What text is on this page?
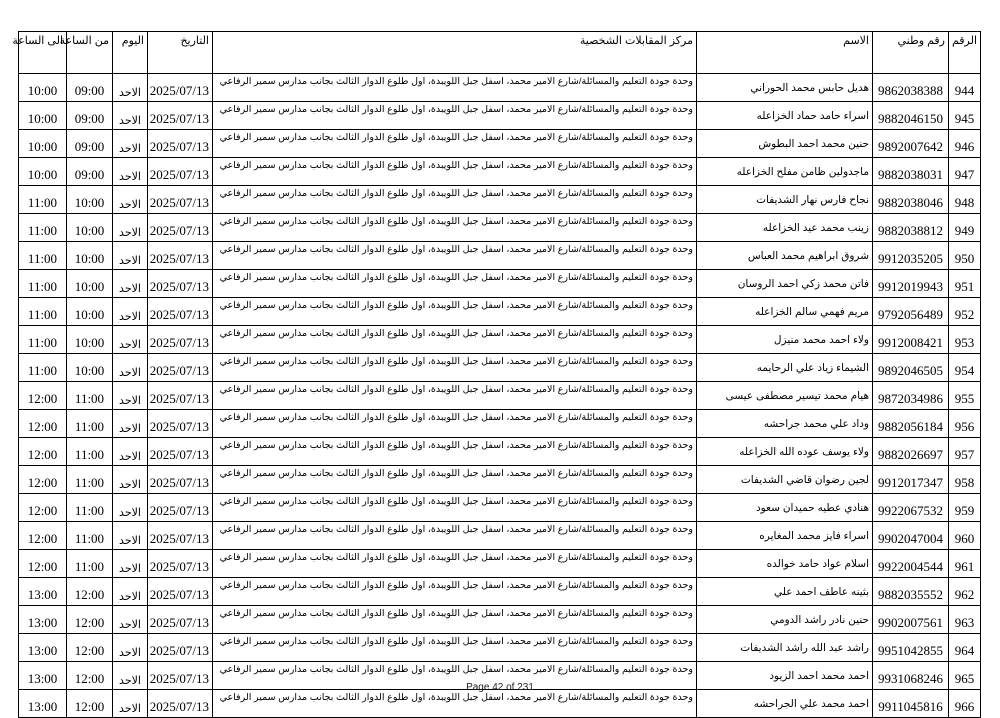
الرقم	رقم وطني	الاسم	مركز المقابلات الشخصية	التاريخ	اليوم	من الساعة	الى الساعة
944	9862038388	هديل حابس محمد الحوراني	وحدة جودة التعليم والمسائلة/شارع الامير محمد، اسفل جبل اللويبدة، اول طلوع الدوار الثالث بجانب مدارس سمير الرفاعي	2025/07/13	الاحد	09:00	10:00
945	9882046150	اسراء حامد حماد الخزاعله	وحدة جودة التعليم والمسائلة/شارع الامير محمد، اسفل جبل اللويبدة، اول طلوع الدوار الثالث بجانب مدارس سمير الرفاعي	2025/07/13	الاحد	09:00	10:00
946	9892007642	حنين محمد احمد البطوش	وحدة جودة التعليم والمسائلة/شارع الامير محمد، اسفل جبل اللويبدة، اول طلوع الدوار الثالث بجانب مدارس سمير الرفاعي	2025/07/13	الاحد	09:00	10:00
947	9882038031	ماجدولين ظامن مفلح الخزاعله	وحدة جودة التعليم والمسائلة/شارع الامير محمد، اسفل جبل اللويبدة، اول طلوع الدوار الثالث بجانب مدارس سمير الرفاعي	2025/07/13	الاحد	09:00	10:00
948	9882038046	نجاح فارس نهار الشديفات	وحدة جودة التعليم والمسائلة/شارع الامير محمد، اسفل جبل اللويبدة، اول طلوع الدوار الثالث بجانب مدارس سمير الرفاعي	2025/07/13	الاحد	10:00	11:00
949	9882038812	زينب محمد عيد الخزاعله	وحدة جودة التعليم والمسائلة/شارع الامير محمد، اسفل جبل اللويبدة، اول طلوع الدوار الثالث بجانب مدارس سمير الرفاعي	2025/07/13	الاحد	10:00	11:00
950	9912035205	شروق ابراهيم محمد العباس	وحدة جودة التعليم والمسائلة/شارع الامير محمد، اسفل جبل اللويبدة، اول طلوع الدوار الثالث بجانب مدارس سمير الرفاعي	2025/07/13	الاحد	10:00	11:00
951	9912019943	فاتن محمد زكي احمد الروسان	وحدة جودة التعليم والمسائلة/شارع الامير محمد، اسفل جبل اللويبدة، اول طلوع الدوار الثالث بجانب مدارس سمير الرفاعي	2025/07/13	الاحد	10:00	11:00
952	9792056489	مريم فهمي سالم الخزاعله	وحدة جودة التعليم والمسائلة/شارع الامير محمد، اسفل جبل اللويبدة، اول طلوع الدوار الثالث بجانب مدارس سمير الرفاعي	2025/07/13	الاحد	10:00	11:00
953	9912008421	ولاء احمد محمد منيزل	وحدة جودة التعليم والمسائلة/شارع الامير محمد، اسفل جبل اللويبدة، اول طلوع الدوار الثالث بجانب مدارس سمير الرفاعي	2025/07/13	الاحد	10:00	11:00
954	9892046505	الشيماء زياد علي الرحايمه	وحدة جودة التعليم والمسائلة/شارع الامير محمد، اسفل جبل اللويبدة، اول طلوع الدوار الثالث بجانب مدارس سمير الرفاعي	2025/07/13	الاحد	10:00	11:00
955	9872034986	هيام محمد تيسير مصطفى عيسى	وحدة جودة التعليم والمسائلة/شارع الامير محمد، اسفل جبل اللويبدة، اول طلوع الدوار الثالث بجانب مدارس سمير الرفاعي	2025/07/13	الاحد	11:00	12:00
956	9882056184	وداد علي محمد جراحشه	وحدة جودة التعليم والمسائلة/شارع الامير محمد، اسفل جبل اللويبدة، اول طلوع الدوار الثالث بجانب مدارس سمير الرفاعي	2025/07/13	الاحد	11:00	12:00
957	9882026697	ولاء يوسف عوده الله الخزاعله	وحدة جودة التعليم والمسائلة/شارع الامير محمد، اسفل جبل اللويبدة، اول طلوع الدوار الثالث بجانب مدارس سمير الرفاعي	2025/07/13	الاحد	11:00	12:00
958	9912017347	لجين رضوان قاضي الشديفات	وحدة جودة التعليم والمسائلة/شارع الامير محمد، اسفل جبل اللويبدة، اول طلوع الدوار الثالث بجانب مدارس سمير الرفاعي	2025/07/13	الاحد	11:00	12:00
959	9922067532	هنادي عطيه حميدان سعود	وحدة جودة التعليم والمسائلة/شارع الامير محمد، اسفل جبل اللويبدة، اول طلوع الدوار الثالث بجانب مدارس سمير الرفاعي	2025/07/13	الاحد	11:00	12:00
960	9902047004	اسراء فايز محمد المغايره	وحدة جودة التعليم والمسائلة/شارع الامير محمد، اسفل جبل اللويبدة، اول طلوع الدوار الثالث بجانب مدارس سمير الرفاعي	2025/07/13	الاحد	11:00	12:00
961	9922004544	اسلام عواد حامد خوالده	وحدة جودة التعليم والمسائلة/شارع الامير محمد، اسفل جبل اللويبدة، اول طلوع الدوار الثالث بجانب مدارس سمير الرفاعي	2025/07/13	الاحد	11:00	12:00
962	9882035552	بثينه عاطف احمد علي	وحدة جودة التعليم والمسائلة/شارع الامير محمد، اسفل جبل اللويبدة، اول طلوع الدوار الثالث بجانب مدارس سمير الرفاعي	2025/07/13	الاحد	12:00	13:00
963	9902007561	حنين نادر راشد الدومي	وحدة جودة التعليم والمسائلة/شارع الامير محمد، اسفل جبل اللويبدة، اول طلوع الدوار الثالث بجانب مدارس سمير الرفاعي	2025/07/13	الاحد	12:00	13:00
964	9951042855	راشد عبد الله راشد الشديفات	وحدة جودة التعليم والمسائلة/شارع الامير محمد، اسفل جبل اللويبدة، اول طلوع الدوار الثالث بجانب مدارس سمير الرفاعي	2025/07/13	الاحد	12:00	13:00
965	9931068246	احمد محمد احمد الزيود	وحدة جودة التعليم والمسائلة/شارع الامير محمد، اسفل جبل اللويبدة، اول طلوع الدوار الثالث بجانب مدارس سمير الرفاعي	2025/07/13	الاحد	12:00	13:00
966	9911045816	احمد محمد علي الجراحشه	وحدة جودة التعليم والمسائلة/شارع الامير محمد، اسفل جبل اللويبدة، اول طلوع الدوار الثالث بجانب مدارس سمير الرفاعي	2025/07/13	الاحد	12:00	13:00
Page 42 of 231
